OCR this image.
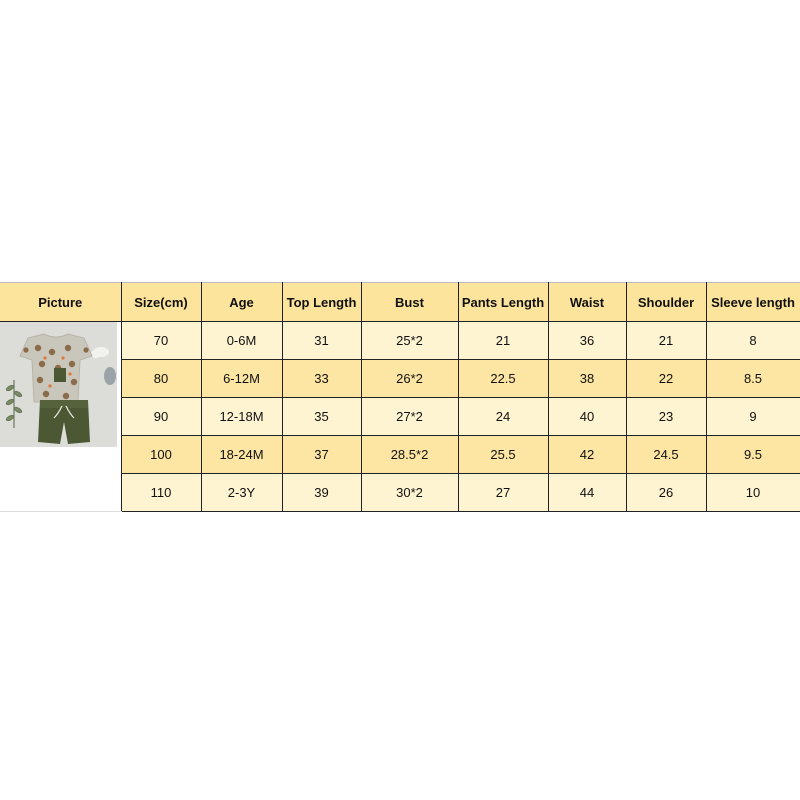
Picture	Size(cm)	Age	Top Length	Bust	Pants Length	Waist	Shoulder	Sleeve length

	70	0-6M	31	25*2	21	36	21	8
	80	6-12M	33	26*2	22.5	38	22	8.5
	90	12-18M	35	27*2	24	40	23	9
	100	18-24M	37	28.5*2	25.5	42	24.5	9.5
	110	2-3Y	39	30*2	27	44	26	10
